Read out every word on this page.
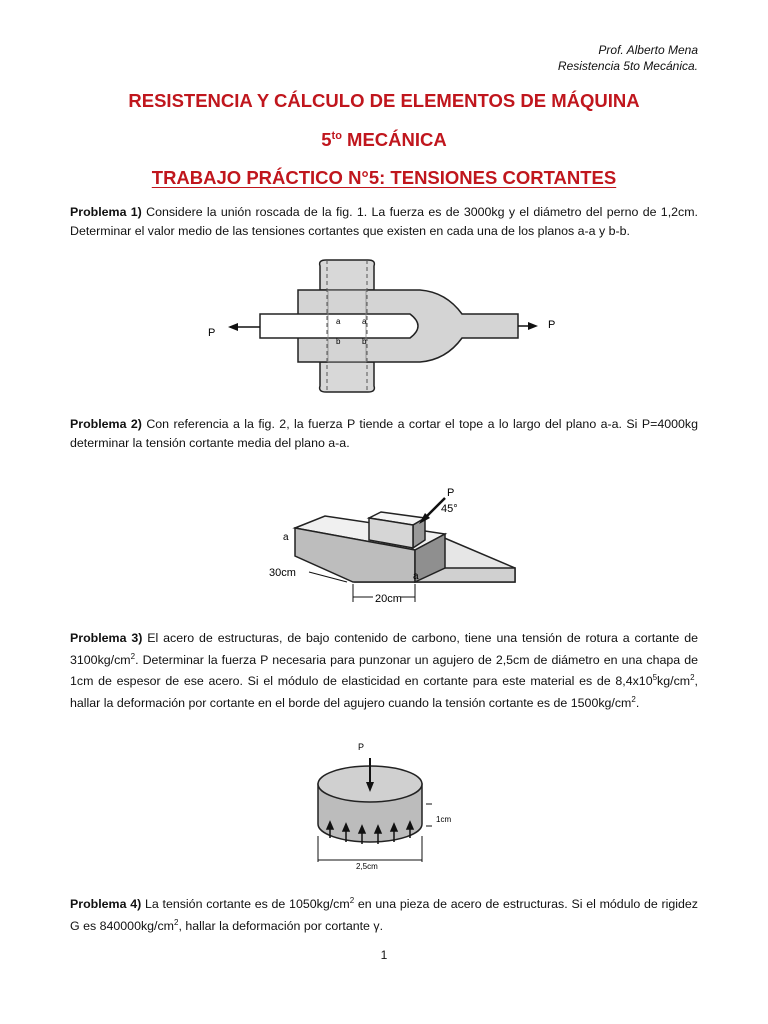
Prof. Alberto Mena
Resistencia 5to Mecánica.
RESISTENCIA Y CÁLCULO DE ELEMENTOS DE MÁQUINA
$5^{to}$ MECÁNICA
TRABAJO PRÁCTICO N°5: TENSIONES CORTANTES
Problema 1) Considere la unión roscada de la fig. 1. La fuerza es de 3000kg y el diámetro del perno de 1,2cm. Determinar el valor medio de las tensiones cortantes que existen en cada una de los planos a-a y b-b.
a	a
b	b
P
P
Problema 2) Con referencia a la fig. 2, la fuerza P tiende a cortar el tope a lo largo del plano a-a. Si P=4000kg determinar la tensión cortante media del plano a-a.
P
45°
a
a
30cm
20cm
Problema 3) El acero de estructuras, de bajo contenido de carbono, tiene una tensión de rotura a cortante de $3100kg/cm^2$. Determinar la fuerza P necesaria para punzonar un agujero de 2,5cm de diámetro en una chapa de 1cm de espesor de ese acero. Si el módulo de elasticidad en cortante para este material es de $8,4x10^5kg/cm^2$, hallar la deformación por cortante en el borde del agujero cuando la tensión cortante es de $1500kg/cm^2$.
P
1cm
2,5cm
Problema 4) La tensión cortante es de $1050kg/cm^2$ en una pieza de acero de estructuras. Si el módulo de rigidez G es $840000kg/cm^2$, hallar la deformación por cortante γ.
1
